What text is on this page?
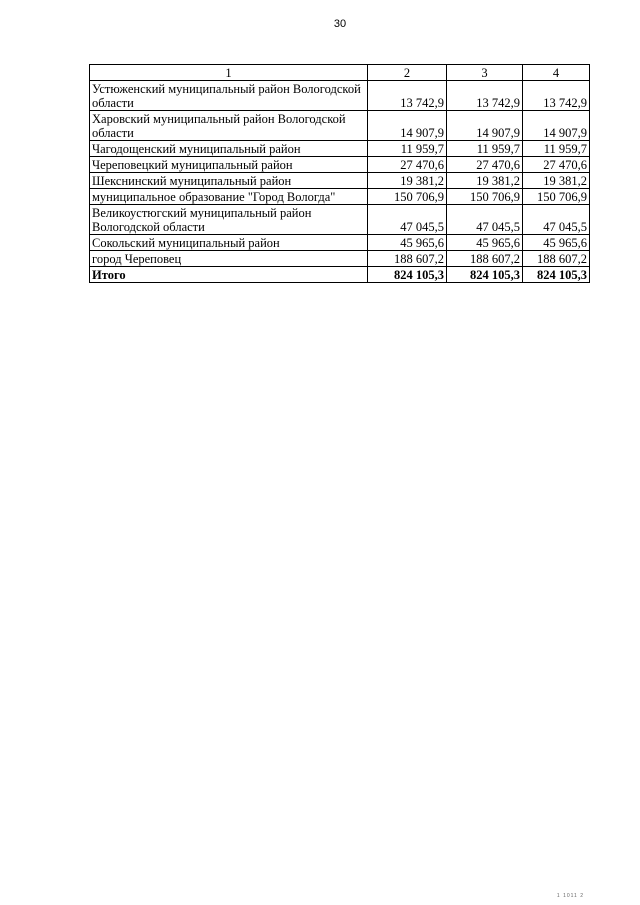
30
1	2	3	4
Устюженский муниципальный район Вологодской области	13 742,9	13 742,9	13 742,9
Харовский муниципальный район Вологодской области	14 907,9	14 907,9	14 907,9
Чагодощенский муниципальный район	11 959,7	11 959,7	11 959,7
Череповецкий муниципальный район	27 470,6	27 470,6	27 470,6
Шекснинский муниципальный район	19 381,2	19 381,2	19 381,2
муниципальное образование "Город Вологда"	150 706,9	150 706,9	150 706,9
Великоустюгский муниципальный район Вологодской области	47 045,5	47 045,5	47 045,5
Сокольский муниципальный район	45 965,6	45 965,6	45 965,6
город Череповец	188 607,2	188 607,2	188 607,2
Итого	824 105,3	824 105,3	824 105,3
1 1011 2
